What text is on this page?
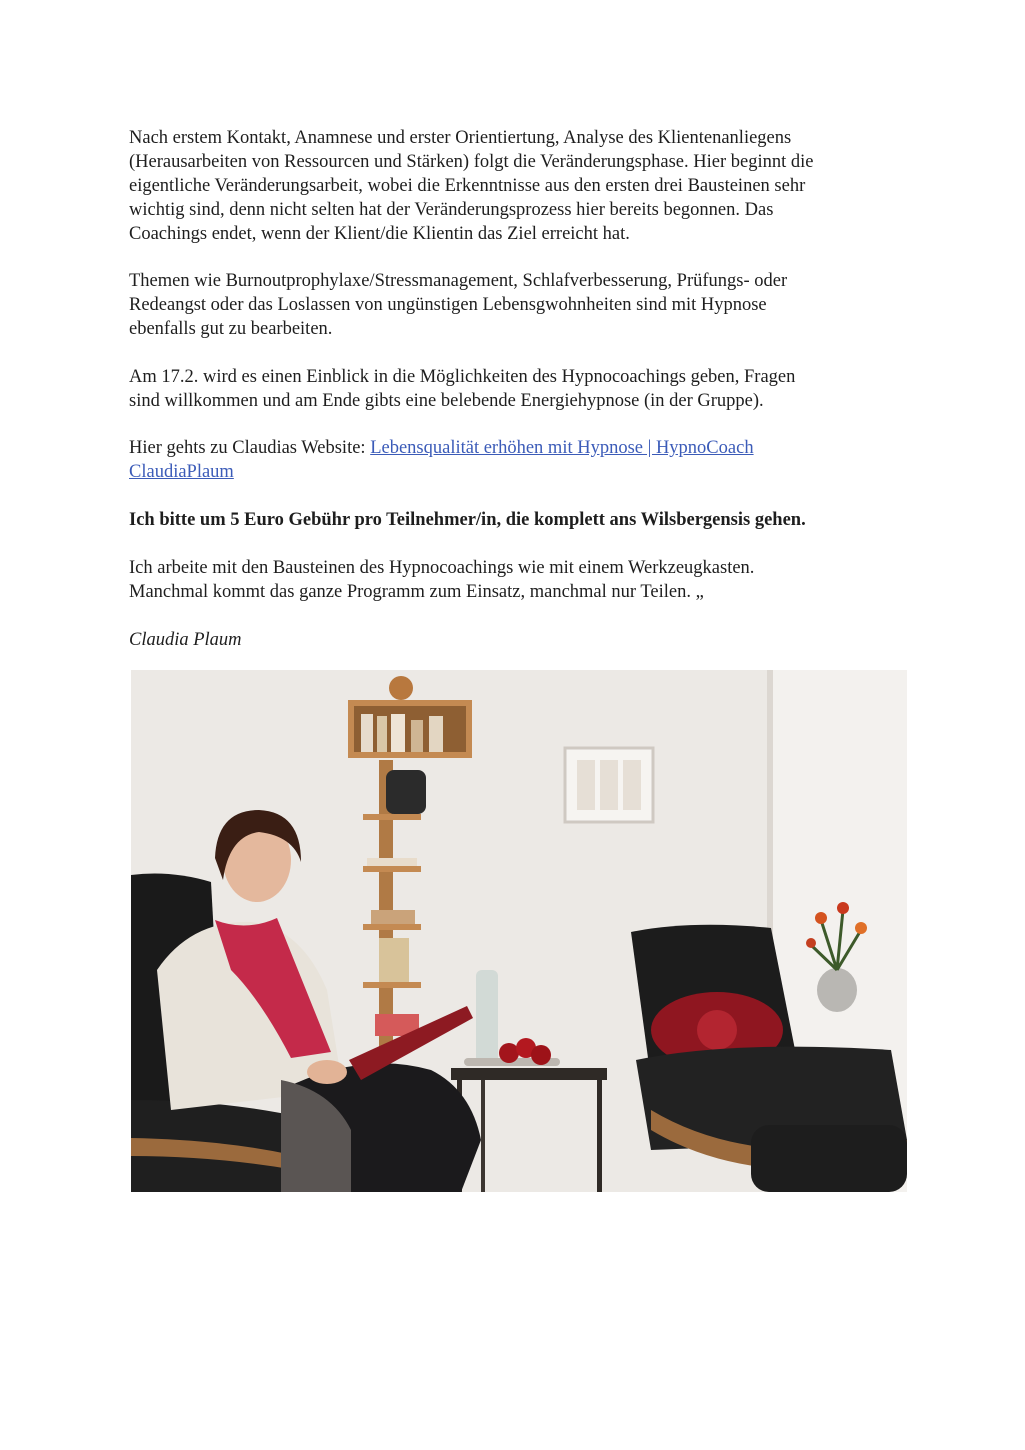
Nach erstem Kontakt, Anamnese und erster Orientiertung, Analyse des Klientenanliegens
(Herausarbeiten von Ressourcen und Stärken) folgt die Veränderungsphase. Hier beginnt die
eigentliche Veränderungsarbeit, wobei die Erkenntnisse aus den ersten drei Bausteinen sehr
wichtig sind, denn nicht selten hat der Veränderungsprozess hier bereits begonnen. Das
Coachings endet, wenn der Klient/die Klientin das Ziel erreicht hat.
Themen wie Burnoutprophylaxe/Stressmanagement, Schlafverbesserung, Prüfungs- oder
Redeangst oder das Loslassen von ungünstigen Lebensgwohnheiten sind mit Hypnose
ebenfalls gut zu bearbeiten.
Am 17.2. wird es einen Einblick in die Möglichkeiten des Hypnocoachings geben, Fragen
sind willkommen und am Ende gibts eine belebende Energiehypnose (in der Gruppe).
Hier gehts zu Claudias Website: Lebensqualität erhöhen mit Hypnose | HypnoCoach
ClaudiaPlaum
Ich bitte um 5 Euro Gebühr pro Teilnehmer/in, die komplett ans Wilsbergensis gehen.
Ich arbeite mit den Bausteinen des Hypnocoachings wie mit einem Werkzeugkasten.
Manchmal kommt das ganze Programm zum Einsatz, manchmal nur Teilen. „
Claudia Plaum
